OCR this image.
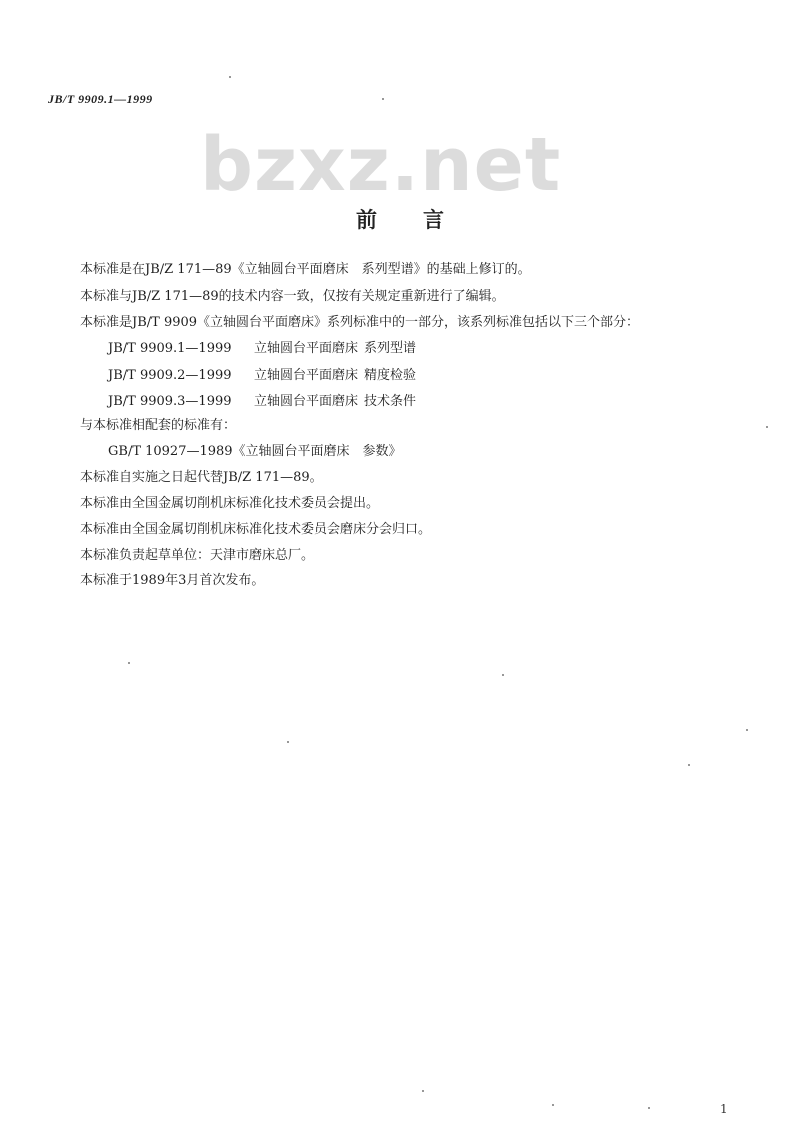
JB/T 9909.1—1999
bzxz.net
前 言
本标准是在JB/Z 171—89《立轴圆台平面磨床　系列型谱》的基础上修订的。
本标准与JB/Z 171—89的技术内容一致，仅按有关规定重新进行了编辑。
本标准是JB/T 9909《立轴圆台平面磨床》系列标准中的一部分，该系列标准包括以下三个部分：
JB/T 9909.1—1999 立轴圆台平面磨床 系列型谱
JB/T 9909.2—1999 立轴圆台平面磨床 精度检验
JB/T 9909.3—1999 立轴圆台平面磨床 技术条件
与本标准相配套的标准有：
GB/T 10927—1989《立轴圆台平面磨床　参数》
本标准自实施之日起代替JB/Z 171—89。
本标准由全国金属切削机床标准化技术委员会提出。
本标准由全国金属切削机床标准化技术委员会磨床分会归口。
本标准负责起草单位：天津市磨床总厂。
本标准于1989年3月首次发布。
1
